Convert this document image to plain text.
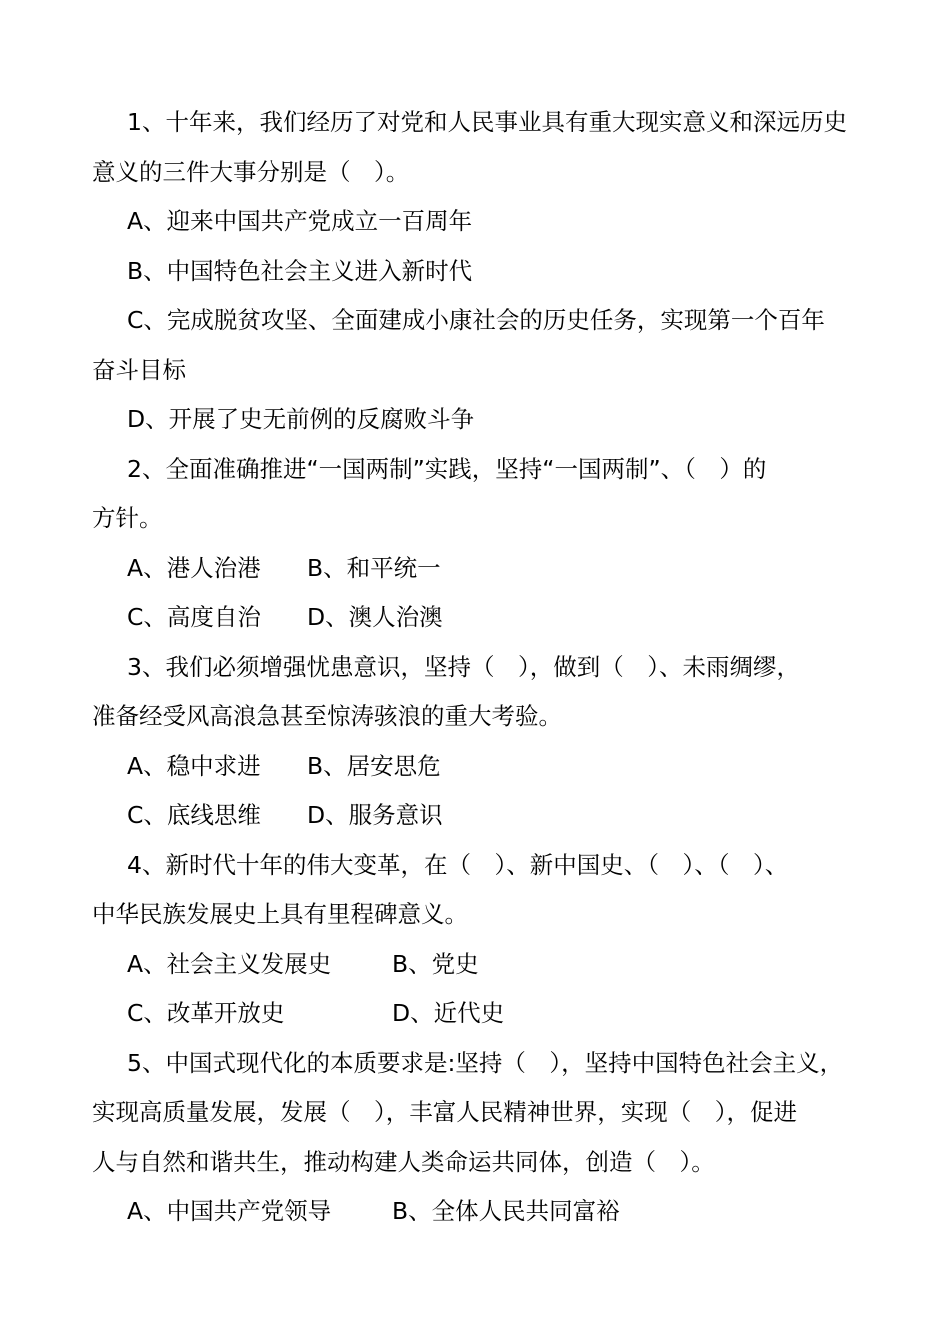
1、十年来，我们经历了对党和人民事业具有重大现实意义和深远历史
意义的三件大事分别是（　）。
A、迎来中国共产党成立一百周年
B、中国特色社会主义进入新时代
C、完成脱贫攻坚、全面建成小康社会的历史任务，实现第一个百年
奋斗目标
D、开展了史无前例的反腐败斗争
2、全面准确推进“一国两制”实践，坚持“一国两制”、（　）的
方针。
A、港人治港 B、和平统一
C、高度自治 D、澳人治澳
3、我们必须增强忧患意识，坚持（　），做到（　）、未雨绸缪，
准备经受风高浪急甚至惊涛骇浪的重大考验。
A、稳中求进 B、居安思危
C、底线思维 D、服务意识
4、新时代十年的伟大变革，在（　）、新中国史、（　）、（　）、
中华民族发展史上具有里程碑意义。
A、社会主义发展史	B、党史
C、改革开放史	D、近代史
5、中国式现代化的本质要求是:坚持（　），坚持中国特色社会主义，
实现高质量发展，发展（　），丰富人民精神世界，实现（　），促进
人与自然和谐共生，推动构建人类命运共同体，创造（　）。
A、中国共产党领导	B、全体人民共同富裕
